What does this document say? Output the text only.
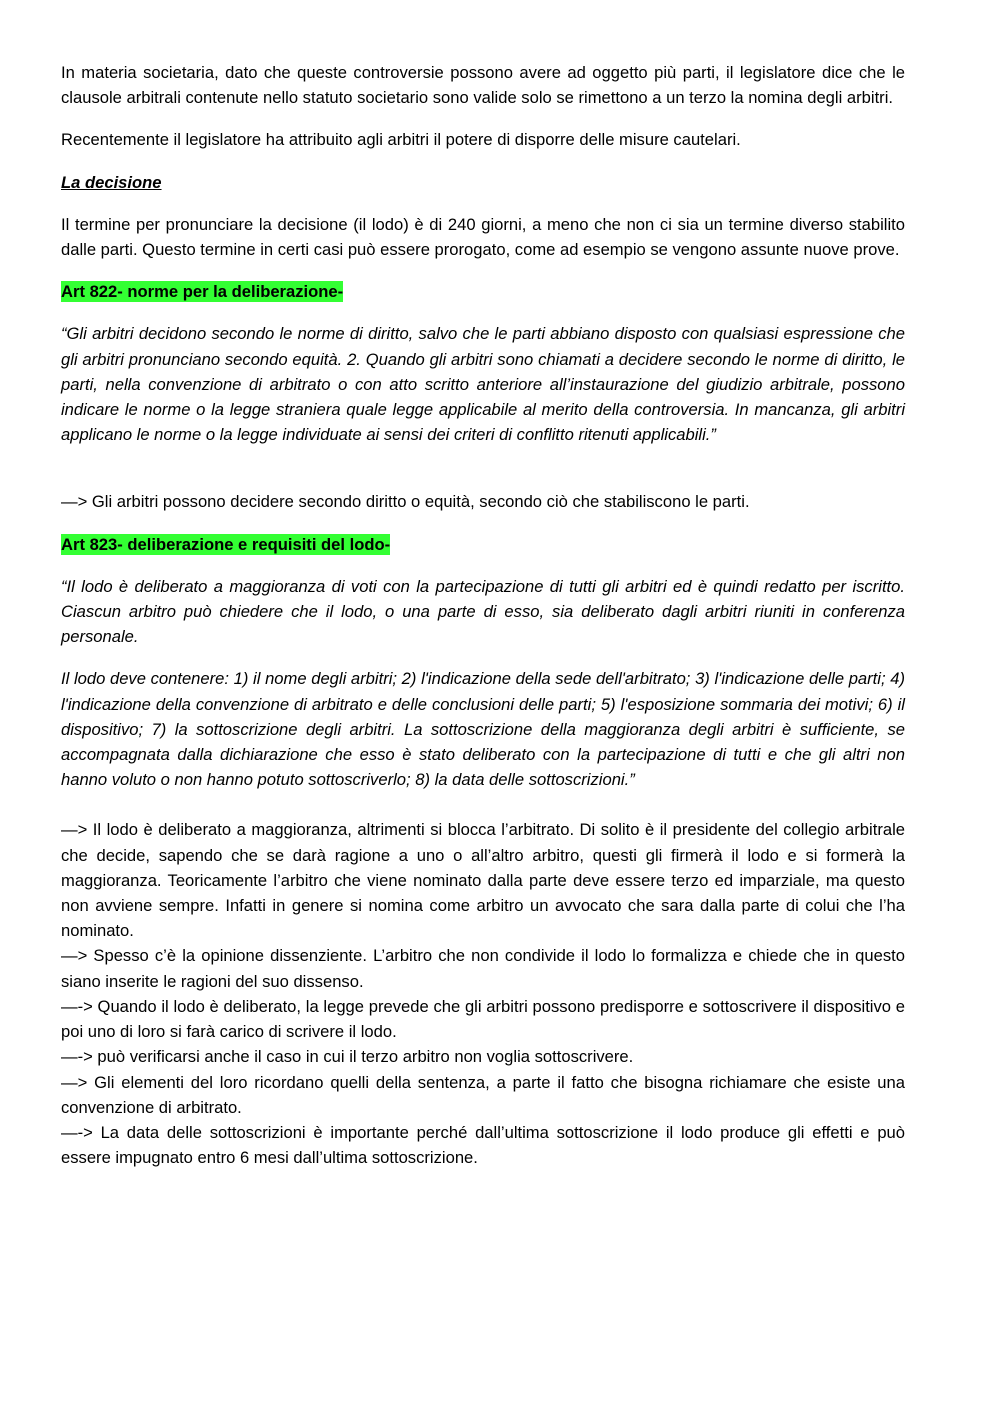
In materia societaria, dato che queste controversie possono avere ad oggetto più parti, il legislatore dice che le clausole arbitrali contenute nello statuto societario sono valide solo se rimettono a un terzo la nomina degli arbitri.

Recentemente il legislatore ha attribuito agli arbitri il potere di disporre delle misure cautelari.

La decisione

Il termine per pronunciare la decisione (il lodo) è di 240 giorni, a meno che non ci sia un termine diverso stabilito dalle parti. Questo termine in certi casi può essere prorogato, come ad esempio se vengono assunte nuove prove.

Art 822- norme per la deliberazione-

“Gli arbitri decidono secondo le norme di diritto, salvo che le parti abbiano disposto con qualsiasi espressione che gli arbitri pronunciano secondo equità. 2. Quando gli arbitri sono chiamati a decidere secondo le norme di diritto, le parti, nella convenzione di arbitrato o con atto scritto anteriore all’instaurazione del giudizio arbitrale, possono indicare le norme o la legge straniera quale legge applicabile al merito della controversia. In mancanza, gli arbitri applicano le norme o la legge individuate ai sensi dei criteri di conflitto ritenuti applicabili.”

—> Gli arbitri possono decidere secondo diritto o equità, secondo ciò che stabiliscono le parti.

Art 823- deliberazione e requisiti del lodo-

“Il lodo è deliberato a maggioranza di voti con la partecipazione di tutti gli arbitri ed è quindi redatto per iscritto. Ciascun arbitro può chiedere che il lodo, o una parte di esso, sia deliberato dagli arbitri riuniti in conferenza personale.

Il lodo deve contenere: 1) il nome degli arbitri; 2) l'indicazione della sede dell'arbitrato; 3) l'indicazione delle parti; 4) l'indicazione della convenzione di arbitrato e delle conclusioni delle parti; 5) l'esposizione sommaria dei motivi; 6) il dispositivo; 7) la sottoscrizione degli arbitri. La sottoscrizione della maggioranza degli arbitri è sufficiente, se accompagnata dalla dichiarazione che esso è stato deliberato con la partecipazione di tutti e che gli altri non hanno voluto o non hanno potuto sottoscriverlo; 8) la data delle sottoscrizioni.”

—> Il lodo è deliberato a maggioranza, altrimenti si blocca l’arbitrato. Di solito è il presidente del collegio arbitrale che decide, sapendo che se darà ragione a uno o all’altro arbitro, questi gli firmerà il lodo e si formerà la maggioranza. Teoricamente l’arbitro che viene nominato dalla parte deve essere terzo ed imparziale, ma questo non avviene sempre. Infatti in genere si nomina come arbitro un avvocato che sara dalla parte di colui che l’ha nominato.

—> Spesso c’è la opinione dissenziente. L’arbitro che non condivide il lodo lo formalizza e chiede che in questo siano inserite le ragioni del suo dissenso.

—-> Quando il lodo è deliberato, la legge prevede che gli arbitri possono predisporre e sottoscrivere il dispositivo e poi uno di loro si farà carico di scrivere il lodo.

—-> può verificarsi anche il caso in cui il terzo arbitro non voglia sottoscrivere.

—> Gli elementi del loro ricordano quelli della sentenza, a parte il fatto che bisogna richiamare che esiste una convenzione di arbitrato.

—-> La data delle sottoscrizioni è importante perché dall’ultima sottoscrizione il lodo produce gli effetti e può essere impugnato entro 6 mesi dall’ultima sottoscrizione.
